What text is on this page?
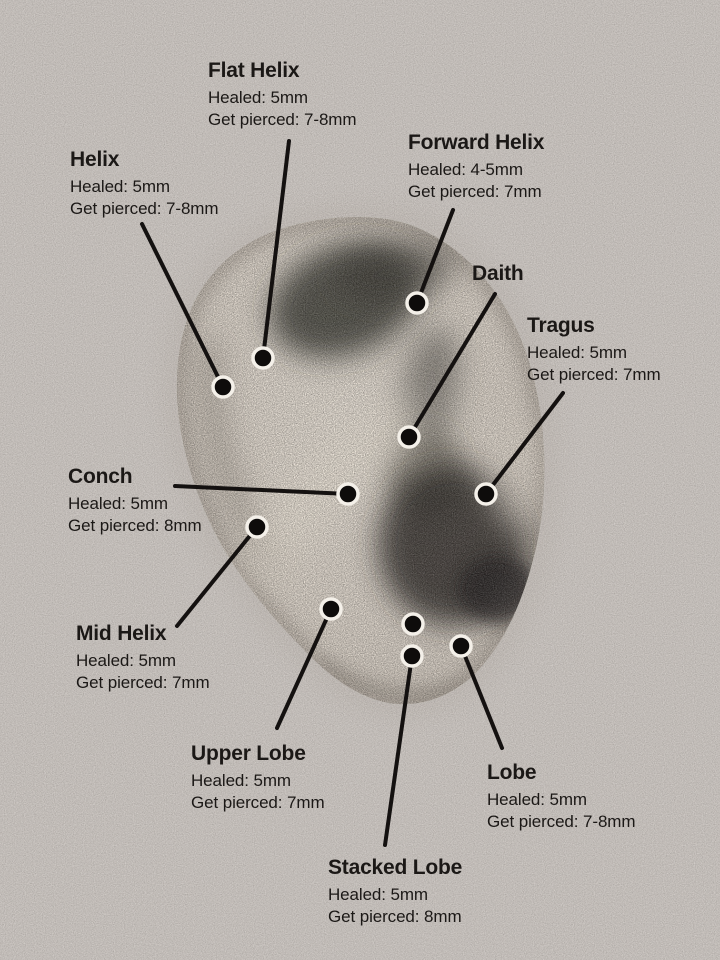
Flat Helix
Healed: 5mm
Get pierced: 7-8mm
Forward Helix
Healed: 4-5mm
Get pierced: 7mm
Helix
Healed: 5mm
Get pierced: 7-8mm
Daith
Tragus
Healed: 5mm
Get pierced: 7mm
Conch
Healed: 5mm
Get pierced: 8mm
Mid Helix
Healed: 5mm
Get pierced: 7mm
Upper Lobe
Healed: 5mm
Get pierced: 7mm
Lobe
Healed: 5mm
Get pierced: 7-8mm
Stacked Lobe
Healed: 5mm
Get pierced: 8mm
